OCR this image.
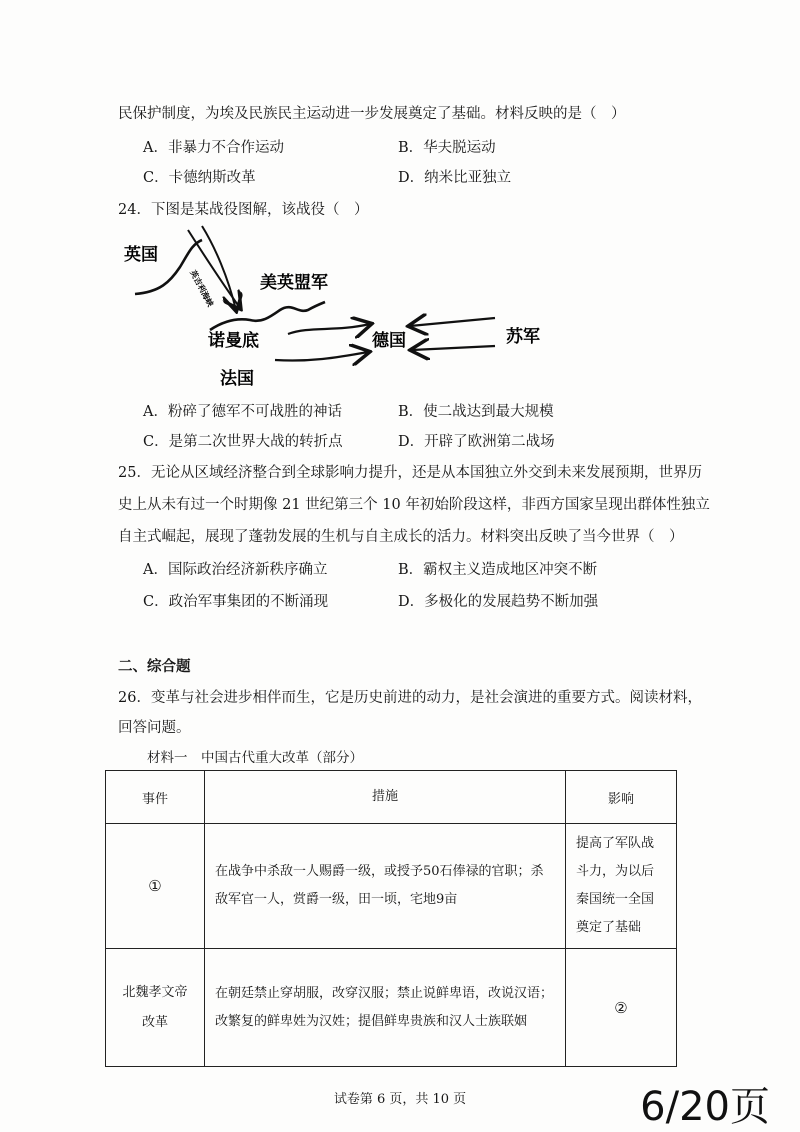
民保护制度，为埃及民族民主运动进一步发展奠定了基础。材料反映的是（　）
A．非暴力不合作运动	B．华夫脱运动
C．卡德纳斯改革	D．纳米比亚独立
24．下图是某战役图解，该战役（　）
英国
美英盟军
诺曼底	德国	苏军
法国
英吉利海峡
A．粉碎了德军不可战胜的神话	B．使二战达到最大规模
C．是第二次世界大战的转折点	D．开辟了欧洲第二战场
25．无论从区域经济整合到全球影响力提升，还是从本国独立外交到未来发展预期，世界历
史上从未有过一个时期像 21 世纪第三个 10 年初始阶段这样，非西方国家呈现出群体性独立
自主式崛起，展现了蓬勃发展的生机与自主成长的活力。材料突出反映了当今世界（　）
A．国际政治经济新秩序确立	B．霸权主义造成地区冲突不断
C．政治军事集团的不断涌现	D．多极化的发展趋势不断加强
二、综合题
26．变革与社会进步相伴而生，它是历史前进的动力，是社会演进的重要方式。阅读材料，
回答问题。
材料一　中国古代重大改革（部分）
事件	措施	影响
①	在战争中杀敌一人赐爵一级，或授予50石俸禄的官职；杀敌军官一人，赏爵一级，田一顷，宅地9亩	提高了军队战斗力，为以后秦国统一全国奠定了基础
北魏孝文帝改革	在朝廷禁止穿胡服，改穿汉服；禁止说鲜卑语，改说汉语；改繁复的鲜卑姓为汉姓；提倡鲜卑贵族和汉人士族联姻	②
试卷第 6 页，共 10 页	6/20页
